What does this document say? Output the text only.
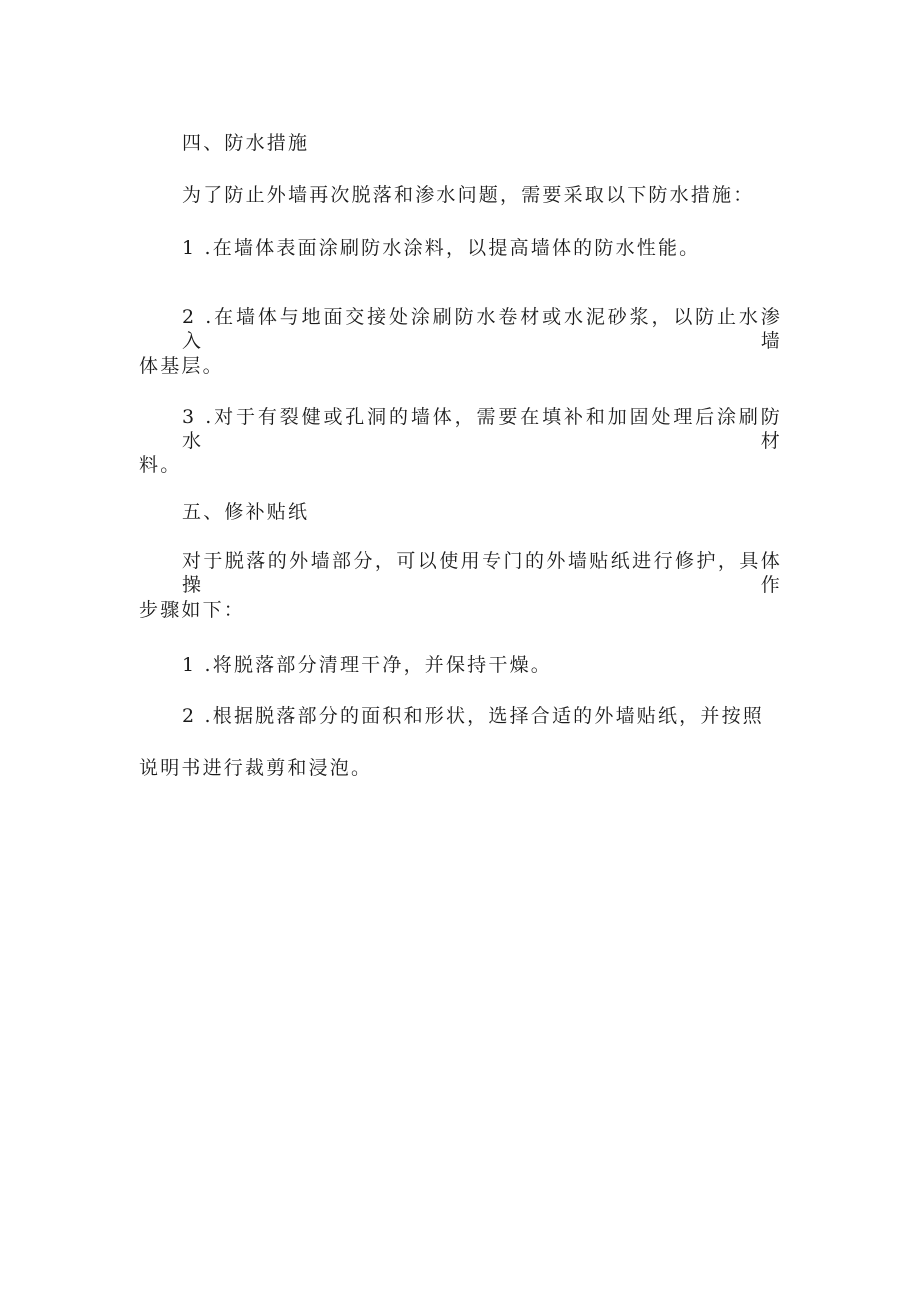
四、防水措施
为了防止外墙再次脱落和渗水问题，需要采取以下防水措施：
1 .在墙体表面涂刷防水涂料，以提高墙体的防水性能。
2 .在墙体与地面交接处涂刷防水卷材或水泥砂浆，以防止水渗入墙
体基层。
3 .对于有裂健或孔洞的墙体，需要在填补和加固处理后涂刷防水材
料。
五、修补贴纸
对于脱落的外墙部分，可以使用专门的外墙贴纸进行修护，具体操作
步骤如下：
1 .将脱落部分清理干净，并保持干燥。
2 .根据脱落部分的面积和形状，选择合适的外墙贴纸，并按照
说明书进行裁剪和浸泡。
